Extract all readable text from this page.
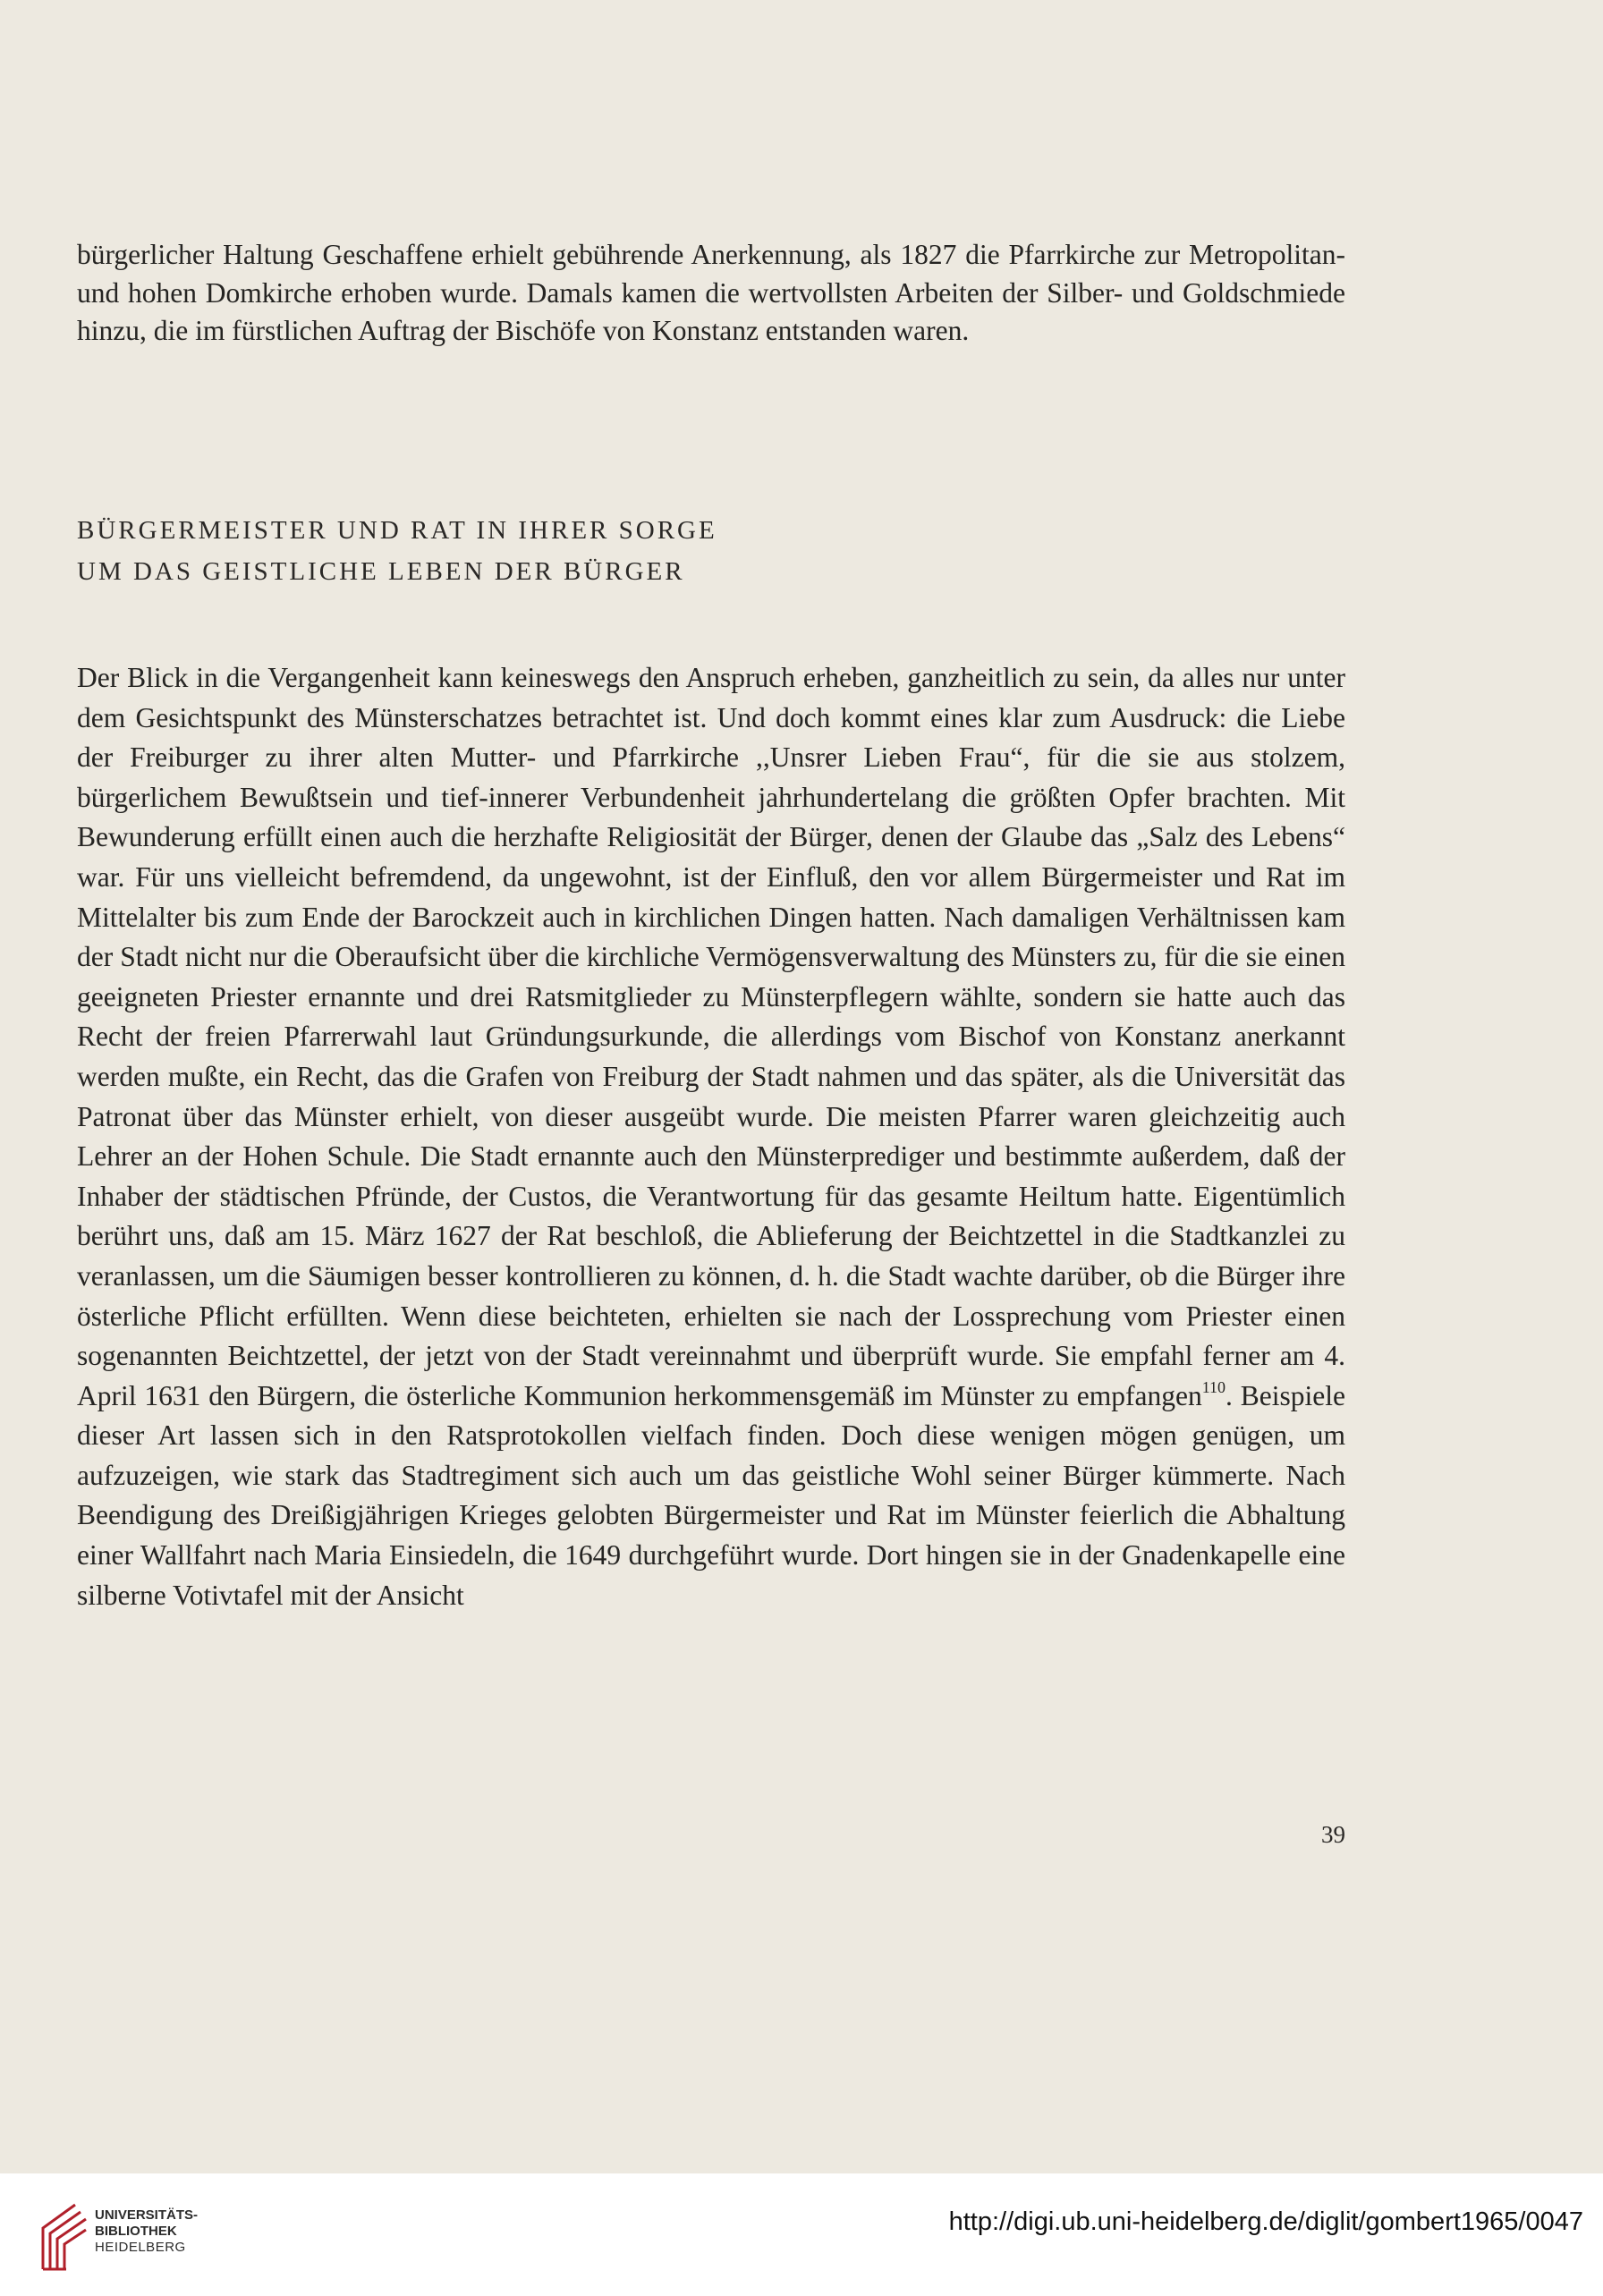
bürgerlicher Haltung Geschaffene erhielt gebührende Anerkennung, als 1827 die Pfarrkirche zur Metropolitan- und hohen Domkirche erhoben wurde. Damals kamen die wertvollsten Arbeiten der Silber- und Goldschmiede hinzu, die im fürstlichen Auftrag der Bischöfe von Konstanz entstanden waren.

BÜRGERMEISTER UND RAT IN IHRER SORGE
UM DAS GEISTLICHE LEBEN DER BÜRGER

Der Blick in die Vergangenheit kann keineswegs den Anspruch erheben, ganzheitlich zu sein, da alles nur unter dem Gesichtspunkt des Münsterschatzes betrachtet ist. Und doch kommt eines klar zum Ausdruck: die Liebe der Freiburger zu ihrer alten Mutter- und Pfarrkirche ,,Unsrer Lieben Frau“, für die sie aus stolzem, bürgerlichem Bewußtsein und tief-innerer Verbundenheit jahrhundertelang die größten Opfer brachten. Mit Bewunderung erfüllt einen auch die herzhafte Religiosität der Bürger, denen der Glaube das „Salz des Lebens“ war. Für uns vielleicht befremdend, da ungewohnt, ist der Einfluß, den vor allem Bürgermeister und Rat im Mittelalter bis zum Ende der Barockzeit auch in kirchlichen Dingen hatten. Nach damaligen Verhältnissen kam der Stadt nicht nur die Oberaufsicht über die kirchliche Vermögensverwaltung des Münsters zu, für die sie einen geeigneten Priester ernannte und drei Ratsmitglieder zu Münsterpflegern wählte, sondern sie hatte auch das Recht der freien Pfarrerwahl laut Gründungsurkunde, die allerdings vom Bischof von Konstanz anerkannt werden mußte, ein Recht, das die Grafen von Freiburg der Stadt nahmen und das später, als die Universität das Patronat über das Münster erhielt, von dieser ausgeübt wurde. Die meisten Pfarrer waren gleichzeitig auch Lehrer an der Hohen Schule. Die Stadt ernannte auch den Münsterprediger und bestimmte außerdem, daß der Inhaber der städtischen Pfründe, der Custos, die Verantwortung für das gesamte Heiltum hatte. Eigentümlich berührt uns, daß am 15. März 1627 der Rat beschloß, die Ablieferung der Beichtzettel in die Stadtkanzlei zu veranlassen, um die Säumigen besser kontrollieren zu können, d. h. die Stadt wachte darüber, ob die Bürger ihre österliche Pflicht erfüllten. Wenn diese beichteten, erhielten sie nach der Lossprechung vom Priester einen sogenannten Beichtzettel, der jetzt von der Stadt vereinnahmt und überprüft wurde. Sie empfahl ferner am 4. April 1631 den Bürgern, die österliche Kommunion herkommensgemäß im Münster zu empfangen$^{110}$. Beispiele dieser Art lassen sich in den Ratsprotokollen vielfach finden. Doch diese wenigen mögen genügen, um aufzuzeigen, wie stark das Stadtregiment sich auch um das geistliche Wohl seiner Bürger kümmerte. Nach Beendigung des Dreißigjährigen Krieges gelobten Bürgermeister und Rat im Münster feierlich die Abhaltung einer Wallfahrt nach Maria Einsiedeln, die 1649 durchgeführt wurde. Dort hingen sie in der Gnadenkapelle eine silberne Votivtafel mit der Ansicht

39
UNIVERSITÄTS-
BIBLIOTHEK
HEIDELBERG
http://digi.ub.uni-heidelberg.de/diglit/gombert1965/0047
